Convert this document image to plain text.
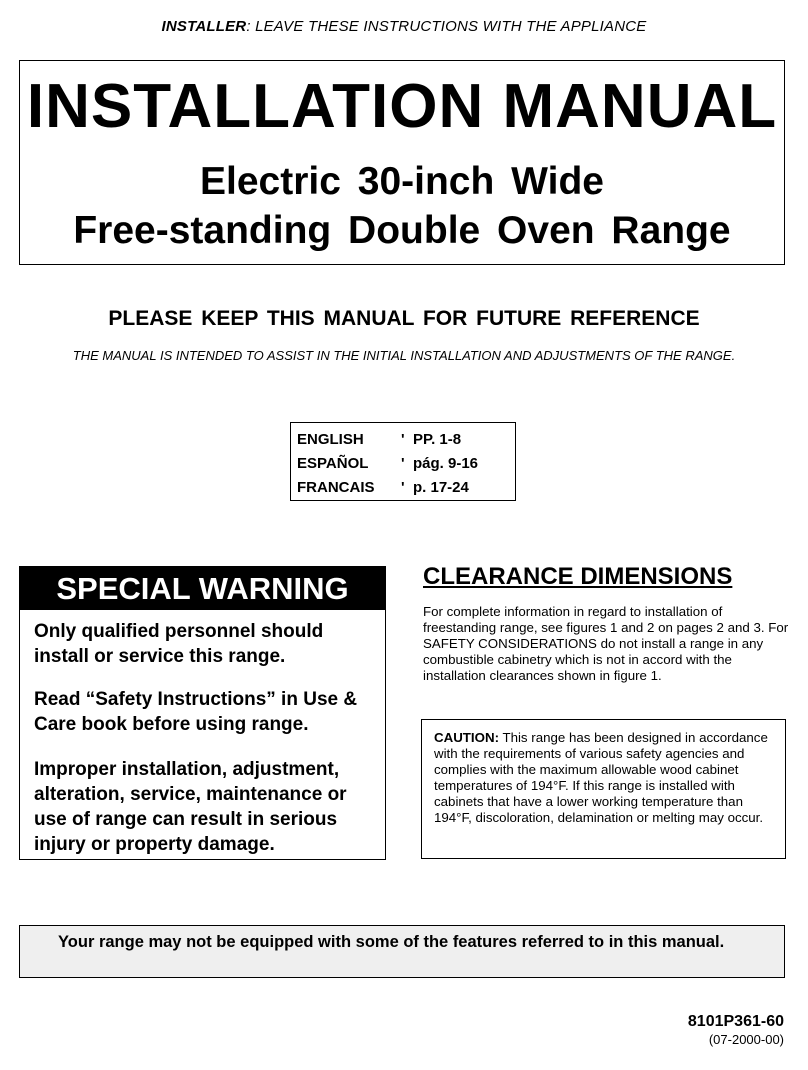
INSTALLER: LEAVE THESE INSTRUCTIONS WITH THE APPLIANCE
INSTALLATION MANUAL
Electric 30-inch Wide
Free-standing Double Oven Range
PLEASE KEEP THIS MANUAL FOR FUTURE REFERENCE
THE MANUAL IS INTENDED TO ASSIST IN THE INITIAL INSTALLATION AND ADJUSTMENTS OF THE RANGE.
ENGLISH	' PP. 1-8
ESPAÑOL	' pág. 9-16
FRANCAIS	' p. 17-24
SPECIAL WARNING
Only qualified personnel should install or service this range.
Read “Safety Instructions” in Use & Care book before using range.
Improper installation, adjustment, alteration, service, maintenance or use of range can result in serious injury or property damage.
CLEARANCE DIMENSIONS
For complete information in regard to installation of freestanding range, see figures 1 and 2 on pages 2 and 3. For SAFETY CONSIDERATIONS do not install a range in any combustible cabinetry which is not in accord with the installation clearances shown in figure 1.
CAUTION: This range has been designed in accordance with the requirements of various safety agencies and complies with the maximum allowable wood cabinet temperatures of 194°F. If this range is installed with cabinets that have a lower working temperature than 194°F, discoloration, delamination or melting may occur.
Your range may not be equipped with some of the features referred to in this manual.
8101P361-60
(07-2000-00)
